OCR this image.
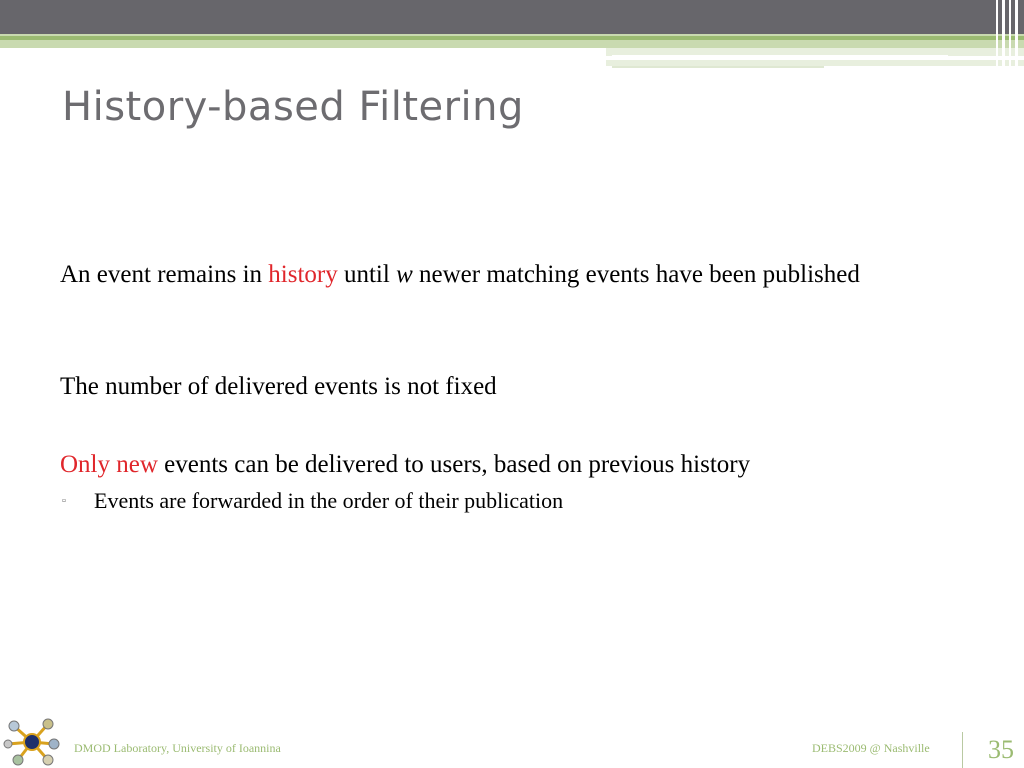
History-based Filtering

An event remains in history until w newer matching events have been published

The number of delivered events is not fixed

Only new events can be delivered to users, based on previous history

▫	Events are forwarded in the order of their publication
DMOD Laboratory, University of Ioannina	DEBS2009 @ Nashville	35
